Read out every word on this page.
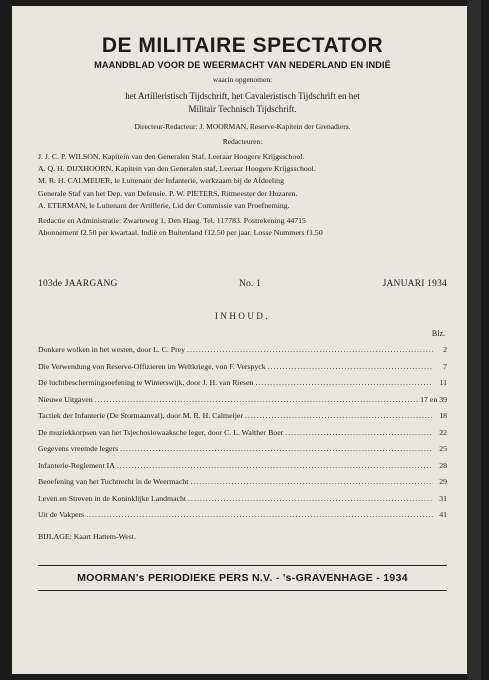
DE MILITAIRE SPECTATOR
MAANDBLAD VOOR DE WEERMACHT VAN NEDERLAND EN INDIË
waarin opgenomen:
het Artilleristisch Tijdschrift, het Cavaleristisch Tijdschrift en het
Militair Technisch Tijdschrift.
Directeur-Redacteur: J. MOORMAN, Reserve-Kapitein der Grenadiers.
Redacteuren:
J. J. C. P. WILSON, Kapitein van den Generalen Staf, Leeraar Hoogere Krijgsschool.
A. Q. H. DIJXHOORN, Kapitein van den Generalen staf, Leeraar Hoogere Krijgsschool.
M. R. H. CALMEIJER, le Luitenant der Infanterie, werkzaam bij de Afdeeling
Generale Staf van het Dep. van Defensie. P. W. PIETERS, Ritmeester der Huzaren.
A. ETERMAN, le Luitenant der Artillerie, Lid der Commissie van Proefneming.
Redactie en Administratie: Zwarteweg 1, Den Haag. Tel. 117783. Postrekening 44715
Abonnement f2.50 per kwartaal. Indië en Buitenland f12.50 per jaar. Losse Nummers f1.50
103de JAARGANG	No. 1	JANUARI 1934
INHOUD.
Blz.
Donkere wolken in het westen, door L. C. Prey .....	2
Die Verwendung von Reserve-Offizieren im Weltkriege, von F. Verspyck .....	7
De luchtbeschermingsoefening te Winterswijk, door J. H. van Riesen .....	11
Nieuwe Uitgaven .....	17 en 39
Tactiek der Infanterie (De Stormaanval), door M. R. H. Calmeijer .....	18
De muziekkorpsen van het Tsjechoslowaaksche leger, door C. L. Walther Boer .....	22
Gegevens vreemde legers .....	25
Infanterie-Reglement IA .....	28
Beoefening van het Tuchtrecht in de Weermacht .....	29
Leven en Streven in de Koninklijke Landmacht .....	31
Uit de Vakpers .....	41
BIJLAGE: Kaart Hattem-West.
MOORMAN's PERIODIEKE PERS N.V. - 's-GRAVENHAGE - 1934
